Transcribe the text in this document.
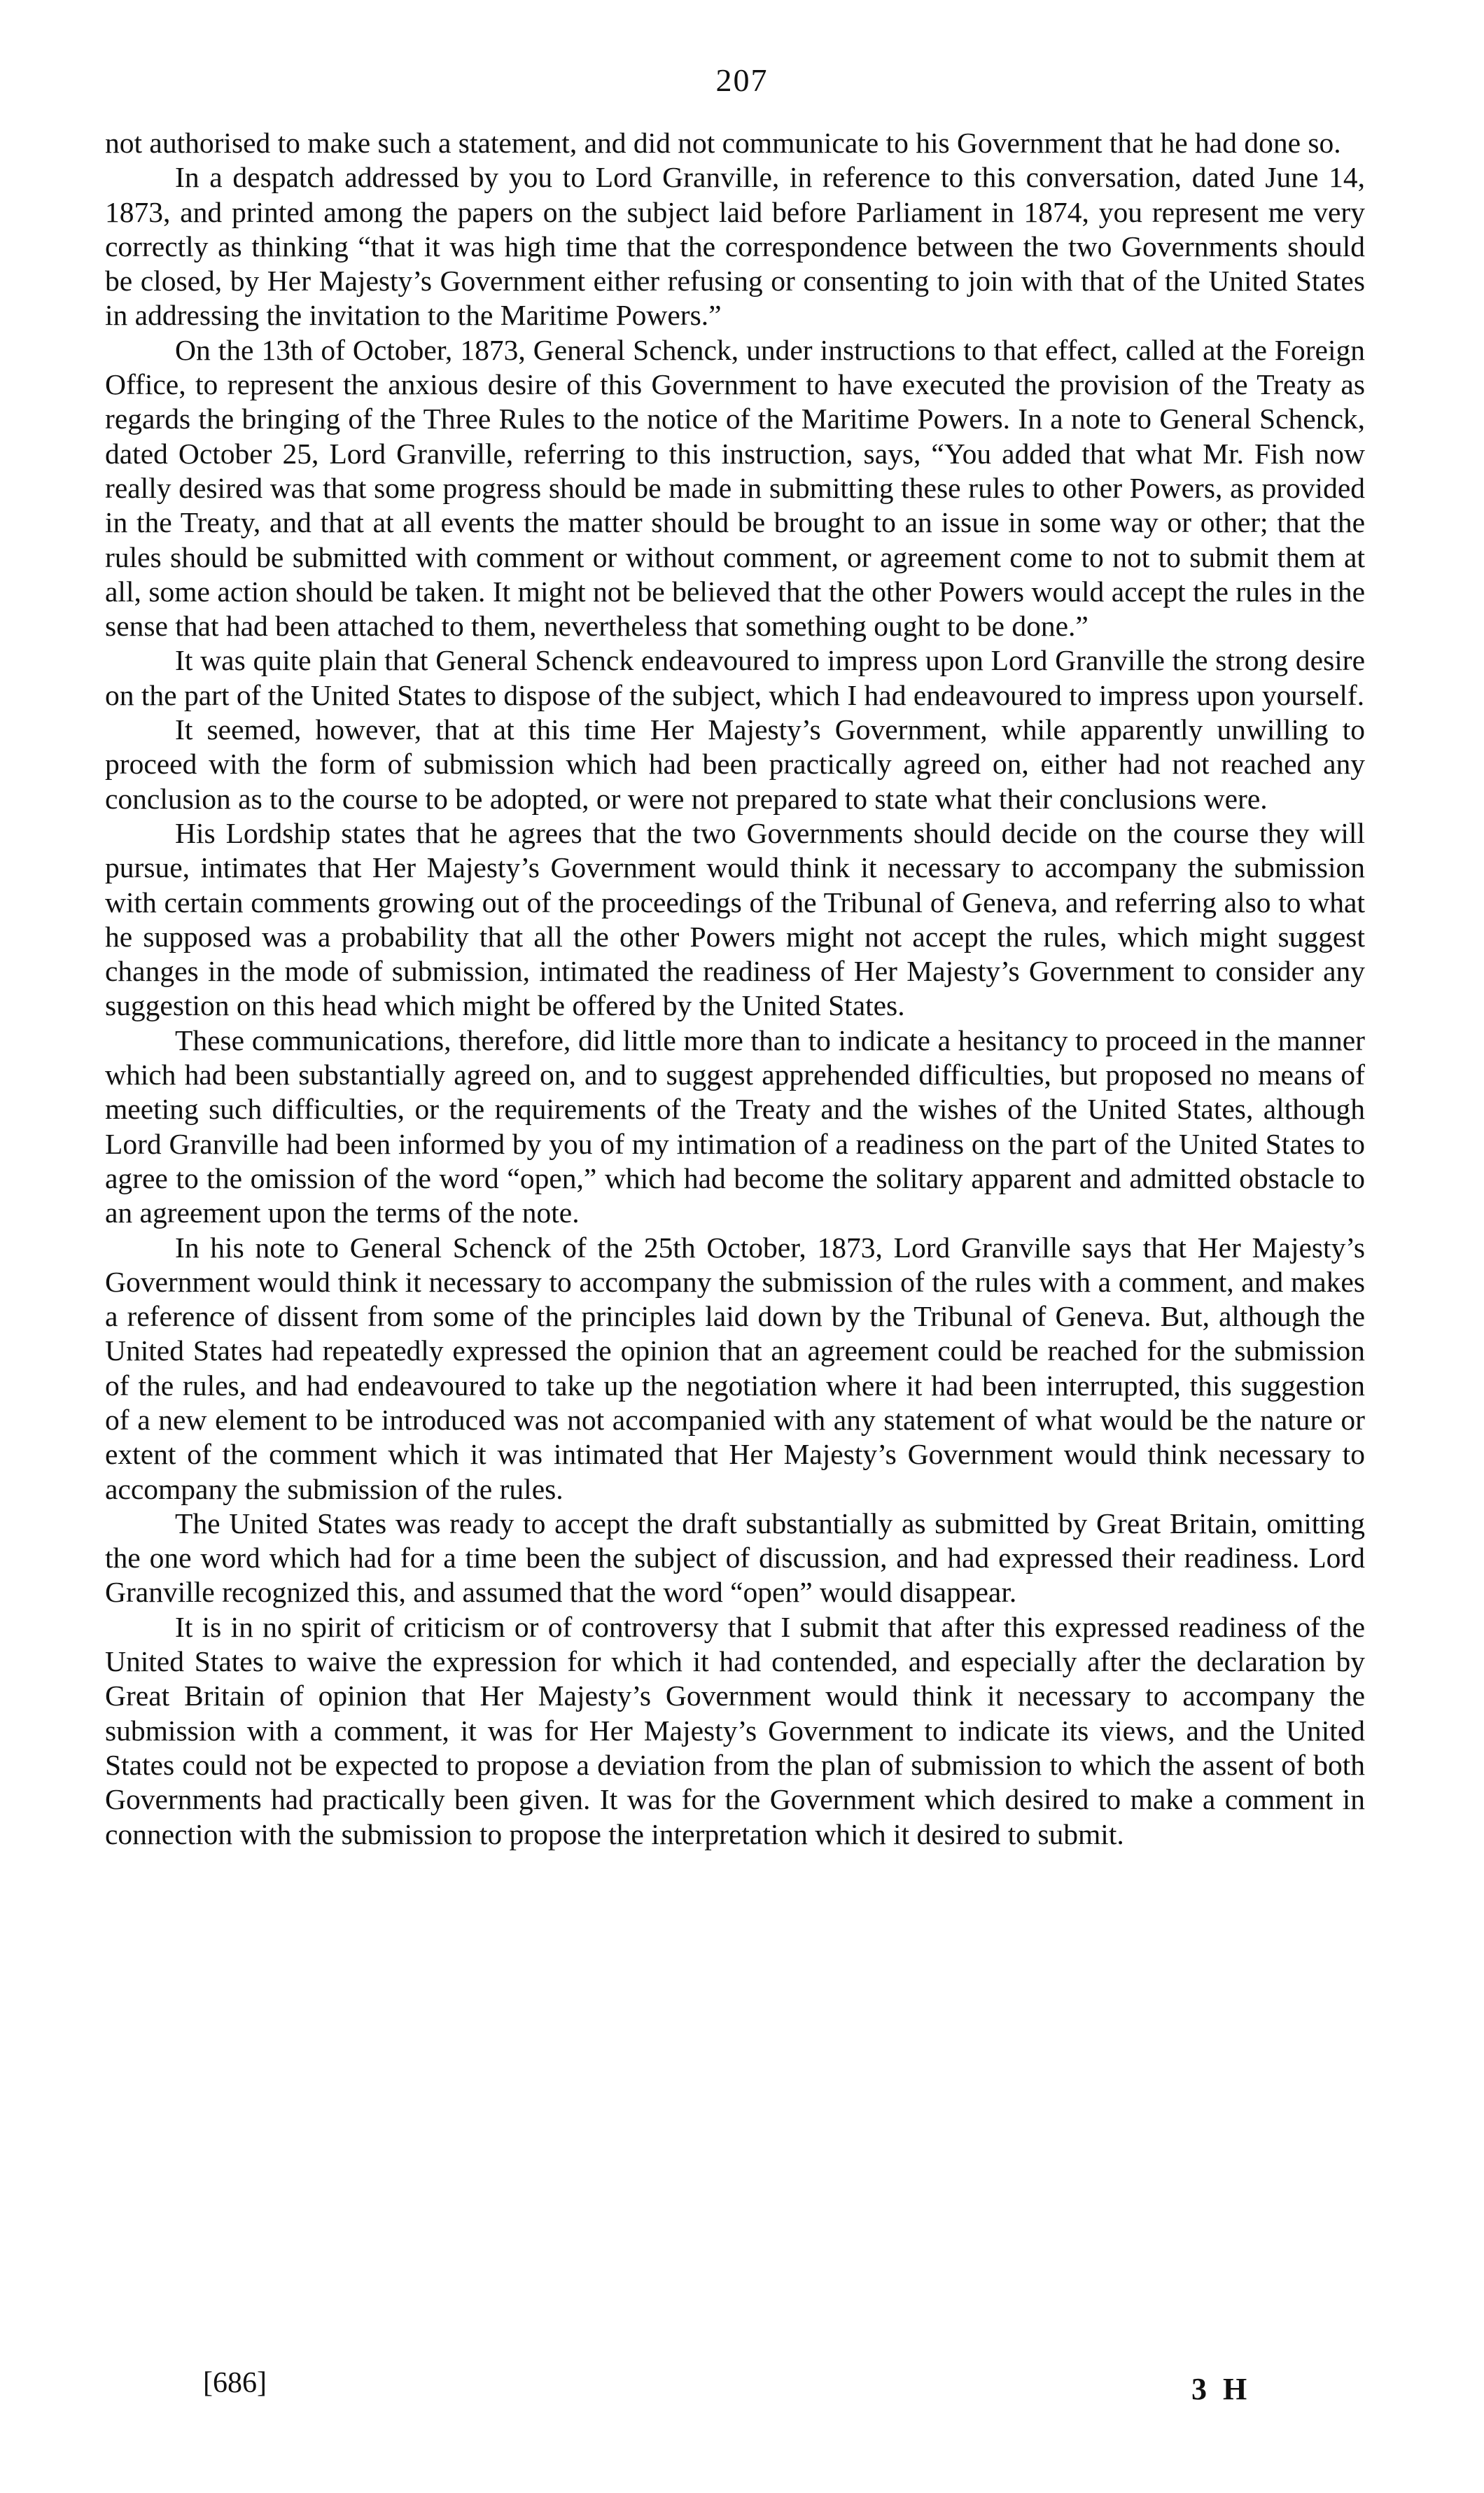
207

not authorised to make such a statement, and did not communicate to his Government that he had done so.

In a despatch addressed by you to Lord Granville, in reference to this conversation, dated June 14, 1873, and printed among the papers on the subject laid before Parliament in 1874, you represent me very correctly as thinking “that it was high time that the correspondence between the two Governments should be closed, by Her Majesty’s Government either refusing or consenting to join with that of the United States in addressing the invitation to the Maritime Powers.”

On the 13th of October, 1873, General Schenck, under instructions to that effect, called at the Foreign Office, to represent the anxious desire of this Government to have executed the provision of the Treaty as regards the bringing of the Three Rules to the notice of the Maritime Powers. In a note to General Schenck, dated October 25, Lord Granville, referring to this instruction, says, “You added that what Mr. Fish now really desired was that some progress should be made in submitting these rules to other Powers, as provided in the Treaty, and that at all events the matter should be brought to an issue in some way or other; that the rules should be submitted with comment or without comment, or agreement come to not to submit them at all, some action should be taken. It might not be believed that the other Powers would accept the rules in the sense that had been attached to them, nevertheless that something ought to be done.”

It was quite plain that General Schenck endeavoured to impress upon Lord Granville the strong desire on the part of the United States to dispose of the subject, which I had endeavoured to impress upon yourself.

It seemed, however, that at this time Her Majesty’s Government, while apparently unwilling to proceed with the form of submission which had been practically agreed on, either had not reached any conclusion as to the course to be adopted, or were not prepared to state what their conclusions were.

His Lordship states that he agrees that the two Governments should decide on the course they will pursue, intimates that Her Majesty’s Government would think it necessary to accompany the submission with certain comments growing out of the proceedings of the Tribunal of Geneva, and referring also to what he supposed was a probability that all the other Powers might not accept the rules, which might suggest changes in the mode of submission, intimated the readiness of Her Majesty’s Government to consider any suggestion on this head which might be offered by the United States.

These communications, therefore, did little more than to indicate a hesitancy to proceed in the manner which had been substantially agreed on, and to suggest apprehended difficulties, but proposed no means of meeting such difficulties, or the requirements of the Treaty and the wishes of the United States, although Lord Granville had been informed by you of my intimation of a readiness on the part of the United States to agree to the omission of the word “open,” which had become the solitary apparent and admitted obstacle to an agreement upon the terms of the note.

In his note to General Schenck of the 25th October, 1873, Lord Granville says that Her Majesty’s Government would think it necessary to accompany the submission of the rules with a comment, and makes a reference of dissent from some of the principles laid down by the Tribunal of Geneva. But, although the United States had repeatedly expressed the opinion that an agreement could be reached for the submission of the rules, and had endeavoured to take up the negotiation where it had been interrupted, this suggestion of a new element to be introduced was not accompanied with any statement of what would be the nature or extent of the comment which it was intimated that Her Majesty’s Government would think necessary to accompany the submission of the rules.

The United States was ready to accept the draft substantially as submitted by Great Britain, omitting the one word which had for a time been the subject of discussion, and had expressed their readiness. Lord Granville recognized this, and assumed that the word “open” would disappear.

It is in no spirit of criticism or of controversy that I submit that after this expressed readiness of the United States to waive the expression for which it had contended, and especially after the declaration by Great Britain of opinion that Her Majesty’s Government would think it necessary to accompany the submission with a comment, it was for Her Majesty’s Government to indicate its views, and the United States could not be expected to propose a deviation from the plan of submission to which the assent of both Governments had practically been given. It was for the Government which desired to make a comment in connection with the submission to propose the interpretation which it desired to submit.

[686]	3 H
